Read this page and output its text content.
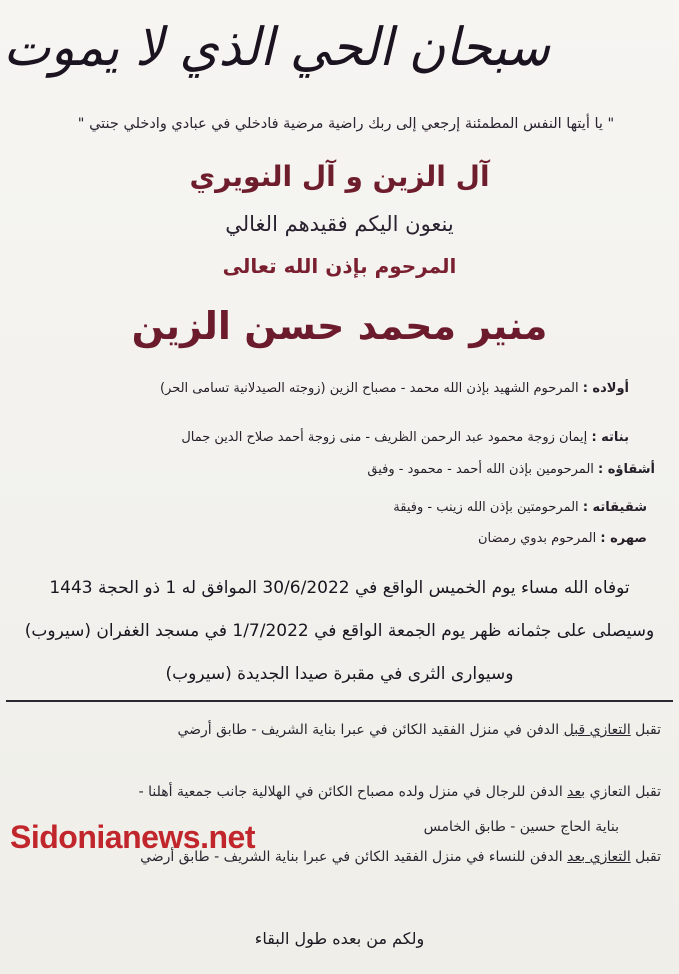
سبحان الحي الذي لا يموت
" يا أيتها النفس المطمئنة إرجعي إلى ربك راضية مرضية فادخلي في عبادي وادخلي جنتي "
آل الزين و آل النويري
ينعون اليكم فقيدهم الغالي
المرحوم بإذن الله تعالى
منير محمد حسن الزين
أولاده : المرحوم الشهيد بإذن الله محمد - مصباح الزين (زوجته الصيدلانية تسامى الحر)
بناته : إيمان زوجة محمود عبد الرحمن الظريف - منى زوجة أحمد صلاح الدين جمال
أشقاؤه : المرحومين بإذن الله أحمد - محمود - وفيق
شقيقاته : المرحومتين بإذن الله زينب - وفيقة
صهره : المرحوم بدوي رمضان
توفاه الله مساء يوم الخميس الواقع في 30/6/2022 الموافق له 1 ذو الحجة 1443
وسيصلى على جثمانه ظهر يوم الجمعة الواقع في 1/7/2022 في مسجد الغفران (سيروب)
وسيوارى الثرى في مقبرة صيدا الجديدة (سيروب)
تقبل التعازي قبل الدفن في منزل الفقيد الكائن في عبرا بناية الشريف - طابق أرضي
تقبل التعازي بعد الدفن للرجال في منزل ولده مصباح الكائن في الهلالية جانب جمعية أهلنا -
بناية الحاج حسين - طابق الخامس
تقبل التعازي بعد الدفن للنساء في منزل الفقيد الكائن في عبرا بناية الشريف - طابق أرضي
Sidonianews.net
ولكم من بعده طول البقاء
